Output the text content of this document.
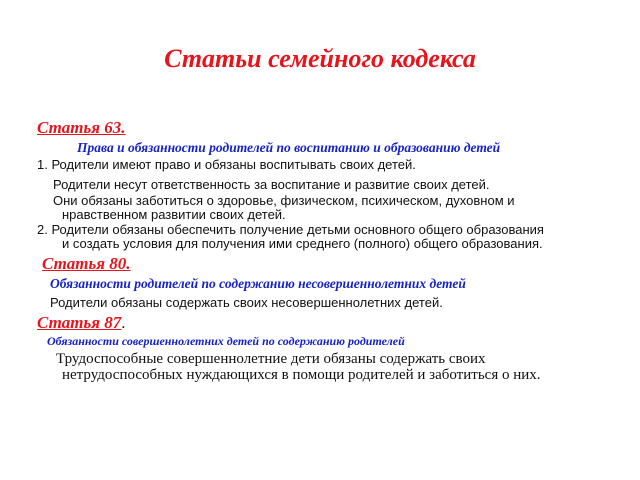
Статьи семейного кодекса
Статья 63.
Права и обязанности родителей по воспитанию и образованию детей
1. Родители имеют право и обязаны воспитывать своих детей.
Родители несут ответственность за воспитание и развитие своих детей.
Они обязаны заботиться о здоровье, физическом, психическом, духовном и
нравственном развитии своих детей.
2. Родители обязаны обеспечить получение детьми основного общего образования
и создать условия для получения ими среднего (полного) общего образования.
Статья 80.
Обязанности родителей по содержанию несовершеннолетних детей
Родители обязаны содержать своих несовершеннолетних детей.
Статья 87.
Обязанности совершеннолетних детей по содержанию родителей
Трудоспособные совершеннолетние дети обязаны содержать своих
нетрудоспособных нуждающихся в помощи родителей и заботиться о них.
